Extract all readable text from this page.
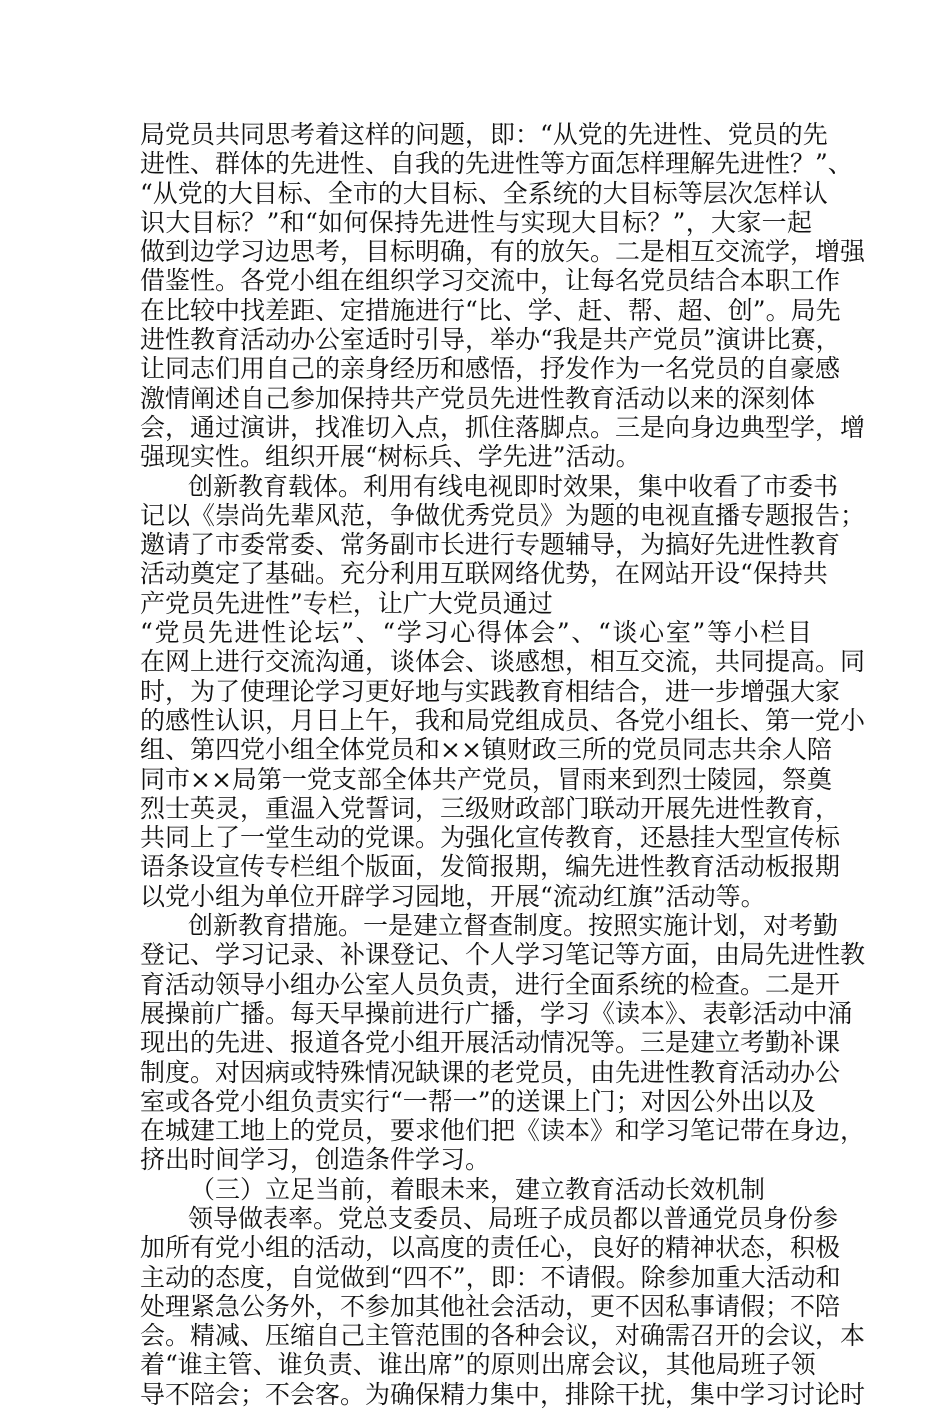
局党员共同思考着这样的问题，即：“从党的先进性、党员的先
进性、群体的先进性、自我的先进性等方面怎样理解先进性？”、
“从党的大目标、全市的大目标、全系统的大目标等层次怎样认
识大目标？”和“如何保持先进性与实现大目标？”，大家一起
做到边学习边思考，目标明确，有的放矢。二是相互交流学，增强
借鉴性。各党小组在组织学习交流中，让每名党员结合本职工作
在比较中找差距、定措施进行“比、学、赶、帮、超、创”。局先
进性教育活动办公室适时引导，举办“我是共产党员”演讲比赛，
让同志们用自己的亲身经历和感悟，抒发作为一名党员的自豪感
激情阐述自己参加保持共产党员先进性教育活动以来的深刻体
会，通过演讲，找准切入点，抓住落脚点。三是向身边典型学，增
强现实性。组织开展“树标兵、学先进”活动。
创新教育载体。利用有线电视即时效果，集中收看了市委书
记以《崇尚先辈风范，争做优秀党员》为题的电视直播专题报告；
邀请了市委常委、常务副市长进行专题辅导，为搞好先进性教育
活动奠定了基础。充分利用互联网络优势，在网站开设“保持共
产党员先进性”专栏，让广大党员通过
“党员先进性论坛”、“学习心得体会”、“谈心室”等小栏目
在网上进行交流沟通，谈体会、谈感想，相互交流，共同提高。同
时，为了使理论学习更好地与实践教育相结合，进一步增强大家
的感性认识，月日上午，我和局党组成员、各党小组长、第一党小
组、第四党小组全体党员和××镇财政三所的党员同志共余人陪
同市××局第一党支部全体共产党员，冒雨来到烈士陵园，祭奠
烈士英灵，重温入党誓词，三级财政部门联动开展先进性教育，
共同上了一堂生动的党课。为强化宣传教育，还悬挂大型宣传标
语条设宣传专栏组个版面，发简报期，编先进性教育活动板报期
以党小组为单位开辟学习园地，开展“流动红旗”活动等。
创新教育措施。一是建立督查制度。按照实施计划，对考勤
登记、学习记录、补课登记、个人学习笔记等方面，由局先进性教
育活动领导小组办公室人员负责，进行全面系统的检查。二是开
展操前广播。每天早操前进行广播，学习《读本》、表彰活动中涌
现出的先进、报道各党小组开展活动情况等。三是建立考勤补课
制度。对因病或特殊情况缺课的老党员，由先进性教育活动办公
室或各党小组负责实行“一帮一”的送课上门；对因公外出以及
在城建工地上的党员，要求他们把《读本》和学习笔记带在身边，
挤出时间学习，创造条件学习。
（三）立足当前，着眼未来，建立教育活动长效机制
领导做表率。党总支委员、局班子成员都以普通党员身份参
加所有党小组的活动，以高度的责任心，良好的精神状态，积极
主动的态度，自觉做到“四不”，即：不请假。除参加重大活动和
处理紧急公务外，不参加其他社会活动，更不因私事请假；不陪
会。精减、压缩自己主管范围的各种会议，对确需召开的会议，本
着“谁主管、谁负责、谁出席”的原则出席会议，其他局班子领
导不陪会；不会客。为确保精力集中，排除干扰，集中学习讨论时
